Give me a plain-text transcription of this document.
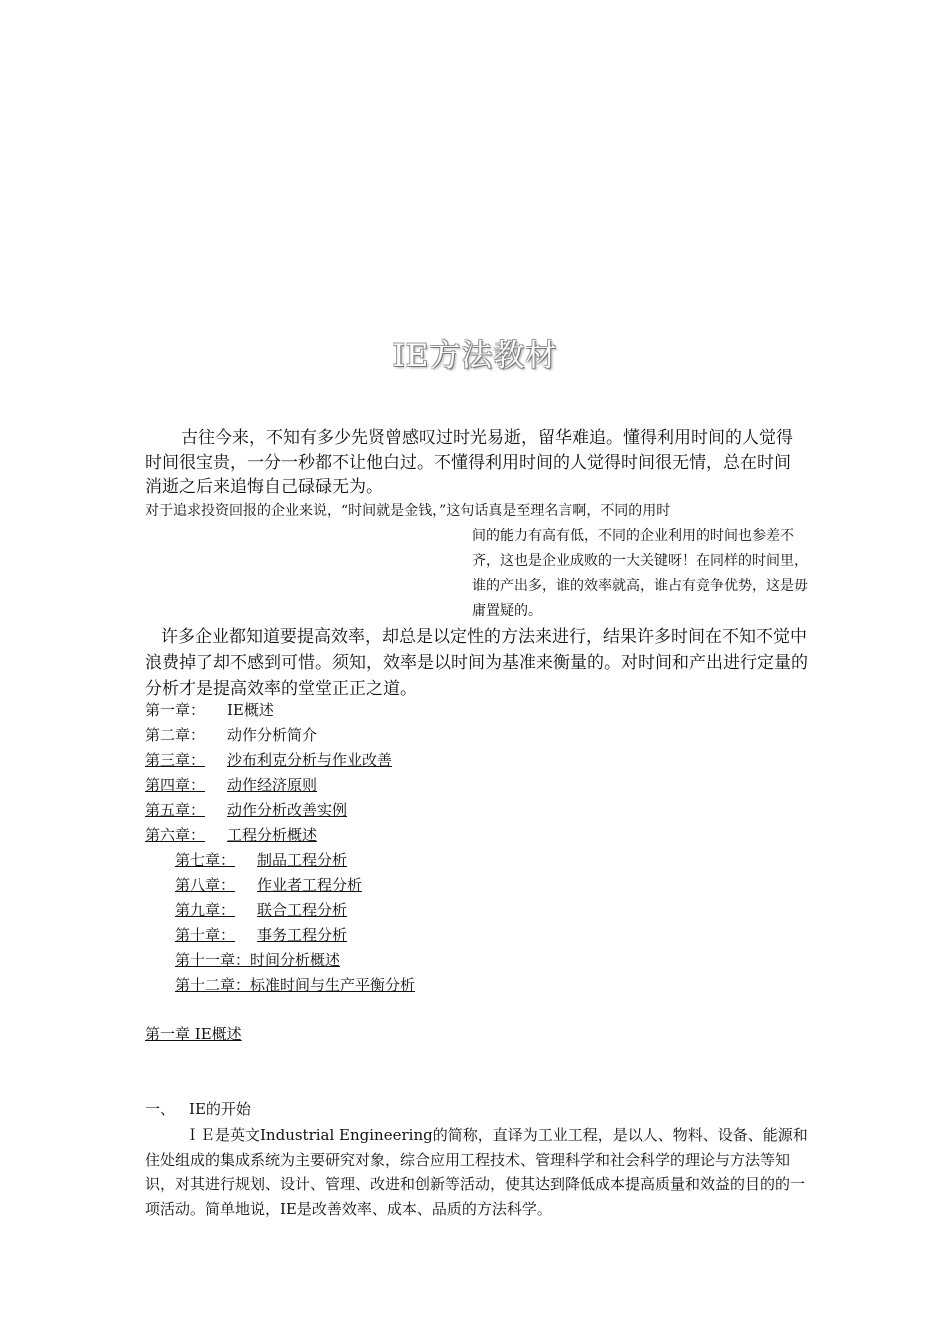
IE方法教材
古往今来，不知有多少先贤曾感叹过时光易逝，留华难追。懂得利用时间的人觉得时间很宝贵，一分一秒都不让他白过。不懂得利用时间的人觉得时间很无情，总在时间消逝之后来追悔自己碌碌无为。
对于追求投资回报的企业来说，“时间就是金钱，”这句话真是至理名言啊，不同的用时
间的能力有高有低，不同的企业利用的时间也参差不齐，这也是企业成败的一大关键呀！在同样的时间里，谁的产出多，谁的效率就高，谁占有竞争优势，这是毋庸置疑的。
许多企业都知道要提高效率，却总是以定性的方法来进行，结果许多时间在不知不觉中浪费掉了却不感到可惜。须知，效率是以时间为基准来衡量的。对时间和产出进行定量的分析才是提高效率的堂堂正正之道。
第一章： IE概述
第二章： 动作分析简介
第三章： 沙布利克分析与作业改善
第四章： 动作经济原则
第五章： 动作分析改善实例
第六章： 工程分析概述
第七章： 制品工程分析
第八章： 作业者工程分析
第九章： 联合工程分析
第十章： 事务工程分析
第十一章：时间分析概述
第十二章：标准时间与生产平衡分析
第一章 IE概述
一、 IE的开始
ＩＥ是英文Industrial Engineering的简称，直译为工业工程，是以人、物料、设备、能源和住处组成的集成系统为主要研究对象，综合应用工程技术、管理科学和社会科学的理论与方法等知识，对其进行规划、设计、管理、改进和创新等活动，使其达到降低成本提高质量和效益的目的的一项活动。简单地说，IE是改善效率、成本、品质的方法科学。
